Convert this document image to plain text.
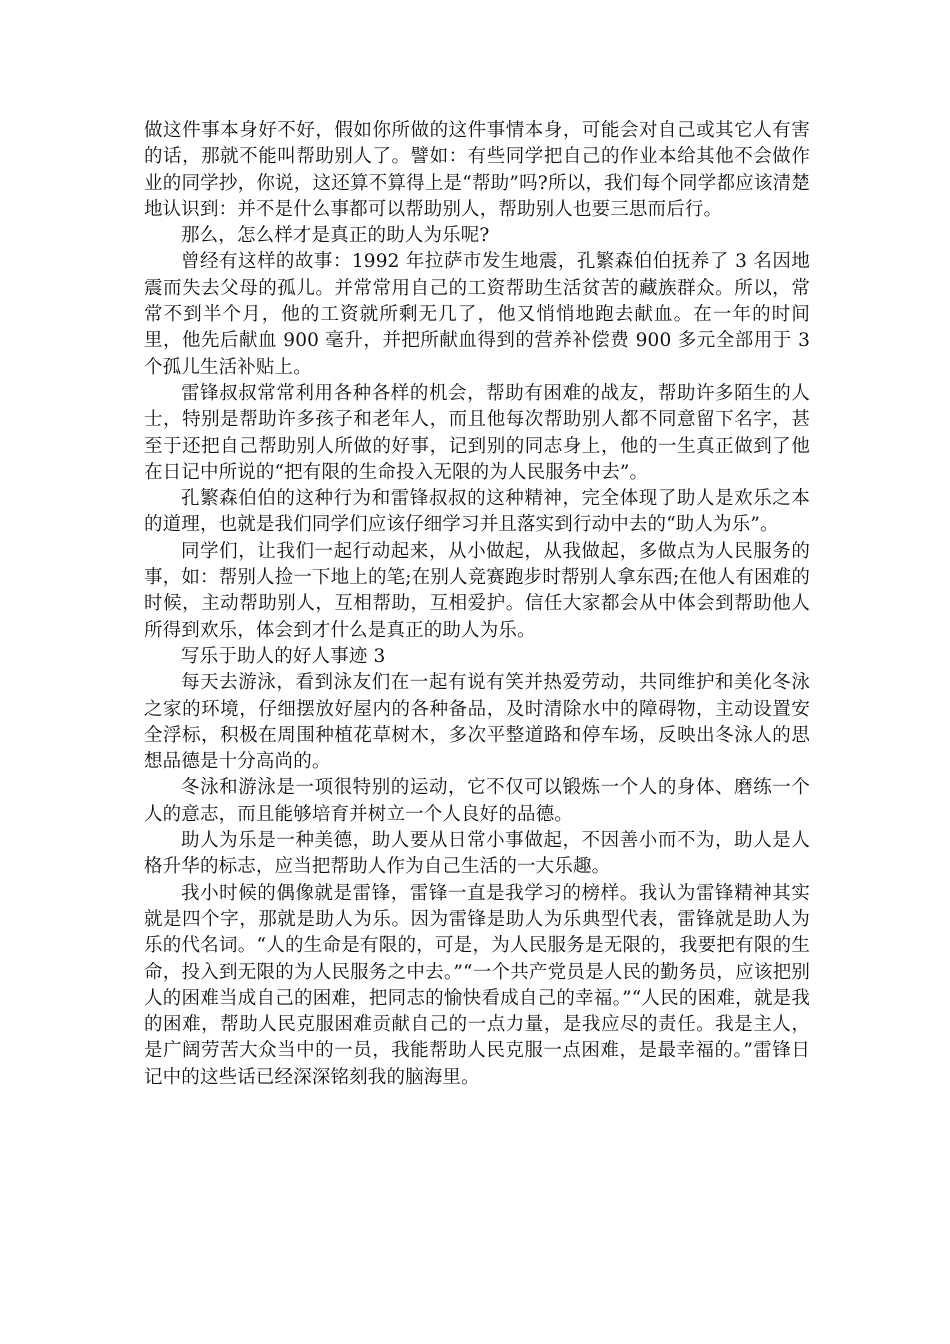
做这件事本身好不好，假如你所做的这件事情本身，可能会对自己或其它人有害的话，那就不能叫帮助别人了。譬如：有些同学把自己的作业本给其他不会做作业的同学抄，你说，这还算不算得上是“帮助”吗?所以，我们每个同学都应该清楚地认识到：并不是什么事都可以帮助别人，帮助别人也要三思而后行。

那么，怎么样才是真正的助人为乐呢?

曾经有这样的故事：1992 年拉萨市发生地震，孔繁森伯伯抚养了 3 名因地震而失去父母的孤儿。并常常用自己的工资帮助生活贫苦的藏族群众。所以，常常不到半个月，他的工资就所剩无几了，他又悄悄地跑去献血。在一年的时间里，他先后献血 900 毫升，并把所献血得到的营养补偿费 900 多元全部用于 3 个孤儿生活补贴上。

雷锋叔叔常常利用各种各样的机会，帮助有困难的战友，帮助许多陌生的人士，特别是帮助许多孩子和老年人，而且他每次帮助别人都不同意留下名字，甚至于还把自己帮助别人所做的好事，记到别的同志身上，他的一生真正做到了他在日记中所说的“把有限的生命投入无限的为人民服务中去”。

孔繁森伯伯的这种行为和雷锋叔叔的这种精神，完全体现了助人是欢乐之本的道理，也就是我们同学们应该仔细学习并且落实到行动中去的“助人为乐”。

同学们，让我们一起行动起来，从小做起，从我做起，多做点为人民服务的事，如：帮别人捡一下地上的笔;在别人竞赛跑步时帮别人拿东西;在他人有困难的时候，主动帮助别人，互相帮助，互相爱护。信任大家都会从中体会到帮助他人所得到欢乐，体会到才什么是真正的助人为乐。

写乐于助人的好人事迹 3

每天去游泳，看到泳友们在一起有说有笑并热爱劳动，共同维护和美化冬泳之家的环境，仔细摆放好屋内的各种备品，及时清除水中的障碍物，主动设置安全浮标，积极在周围种植花草树木，多次平整道路和停车场，反映出冬泳人的思想品德是十分高尚的。

冬泳和游泳是一项很特别的运动，它不仅可以锻炼一个人的身体、磨练一个人的意志，而且能够培育并树立一个人良好的品德。

助人为乐是一种美德，助人要从日常小事做起，不因善小而不为，助人是人格升华的标志，应当把帮助人作为自己生活的一大乐趣。

我小时候的偶像就是雷锋，雷锋一直是我学习的榜样。我认为雷锋精神其实就是四个字，那就是助人为乐。因为雷锋是助人为乐典型代表，雷锋就是助人为乐的代名词。“人的生命是有限的，可是，为人民服务是无限的，我要把有限的生命，投入到无限的为人民服务之中去。”“一个共产党员是人民的勤务员，应该把别人的困难当成自己的困难，把同志的愉快看成自己的幸福。”“人民的困难，就是我的困难，帮助人民克服困难贡献自己的一点力量，是我应尽的责任。我是主人，是广阔劳苦大众当中的一员，我能帮助人民克服一点困难，是最幸福的。”雷锋日记中的这些话已经深深铭刻我的脑海里。
